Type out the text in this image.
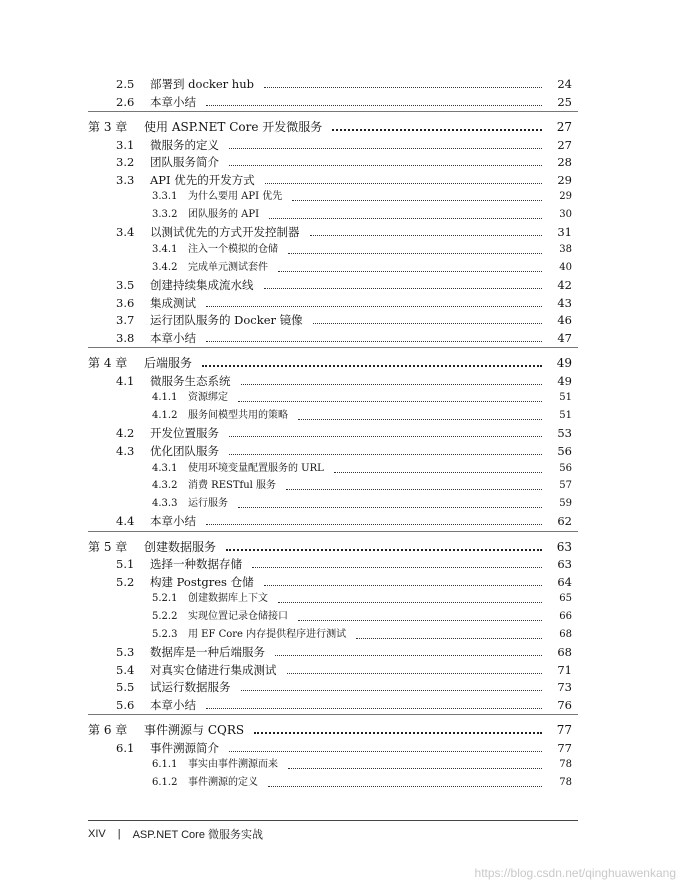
2.5	部署到 docker hub	24
2.6	本章小结	25
第 3 章	使用 ASP.NET Core 开发微服务	27
3.1	微服务的定义	27
3.2	团队服务简介	28
3.3	API 优先的开发方式	29
3.3.1	为什么要用 API 优先	29
3.3.2	团队服务的 API	30
3.4	以测试优先的方式开发控制器	31
3.4.1	注入一个模拟的仓储	38
3.4.2	完成单元测试套件	40
3.5	创建持续集成流水线	42
3.6	集成测试	43
3.7	运行团队服务的 Docker 镜像	46
3.8	本章小结	47
第 4 章	后端服务	49
4.1	微服务生态系统	49
4.1.1	资源绑定	51
4.1.2	服务间模型共用的策略	51
4.2	开发位置服务	53
4.3	优化团队服务	56
4.3.1	使用环境变量配置服务的 URL	56
4.3.2	消费 RESTful 服务	57
4.3.3	运行服务	59
4.4	本章小结	62
第 5 章	创建数据服务	63
5.1	选择一种数据存储	63
5.2	构建 Postgres 仓储	64
5.2.1	创建数据库上下文	65
5.2.2	实现位置记录仓储接口	66
5.2.3	用 EF Core 内存提供程序进行测试	68
5.3	数据库是一种后端服务	68
5.4	对真实仓储进行集成测试	71
5.5	试运行数据服务	73
5.6	本章小结	76
第 6 章	事件溯源与 CQRS	77
6.1	事件溯源简介	77
6.1.1	事实由事件溯源而来	78
6.1.2	事件溯源的定义	78
XIV | ASP.NET Core 微服务实战
https://blog.csdn.net/qinghuawenkang
